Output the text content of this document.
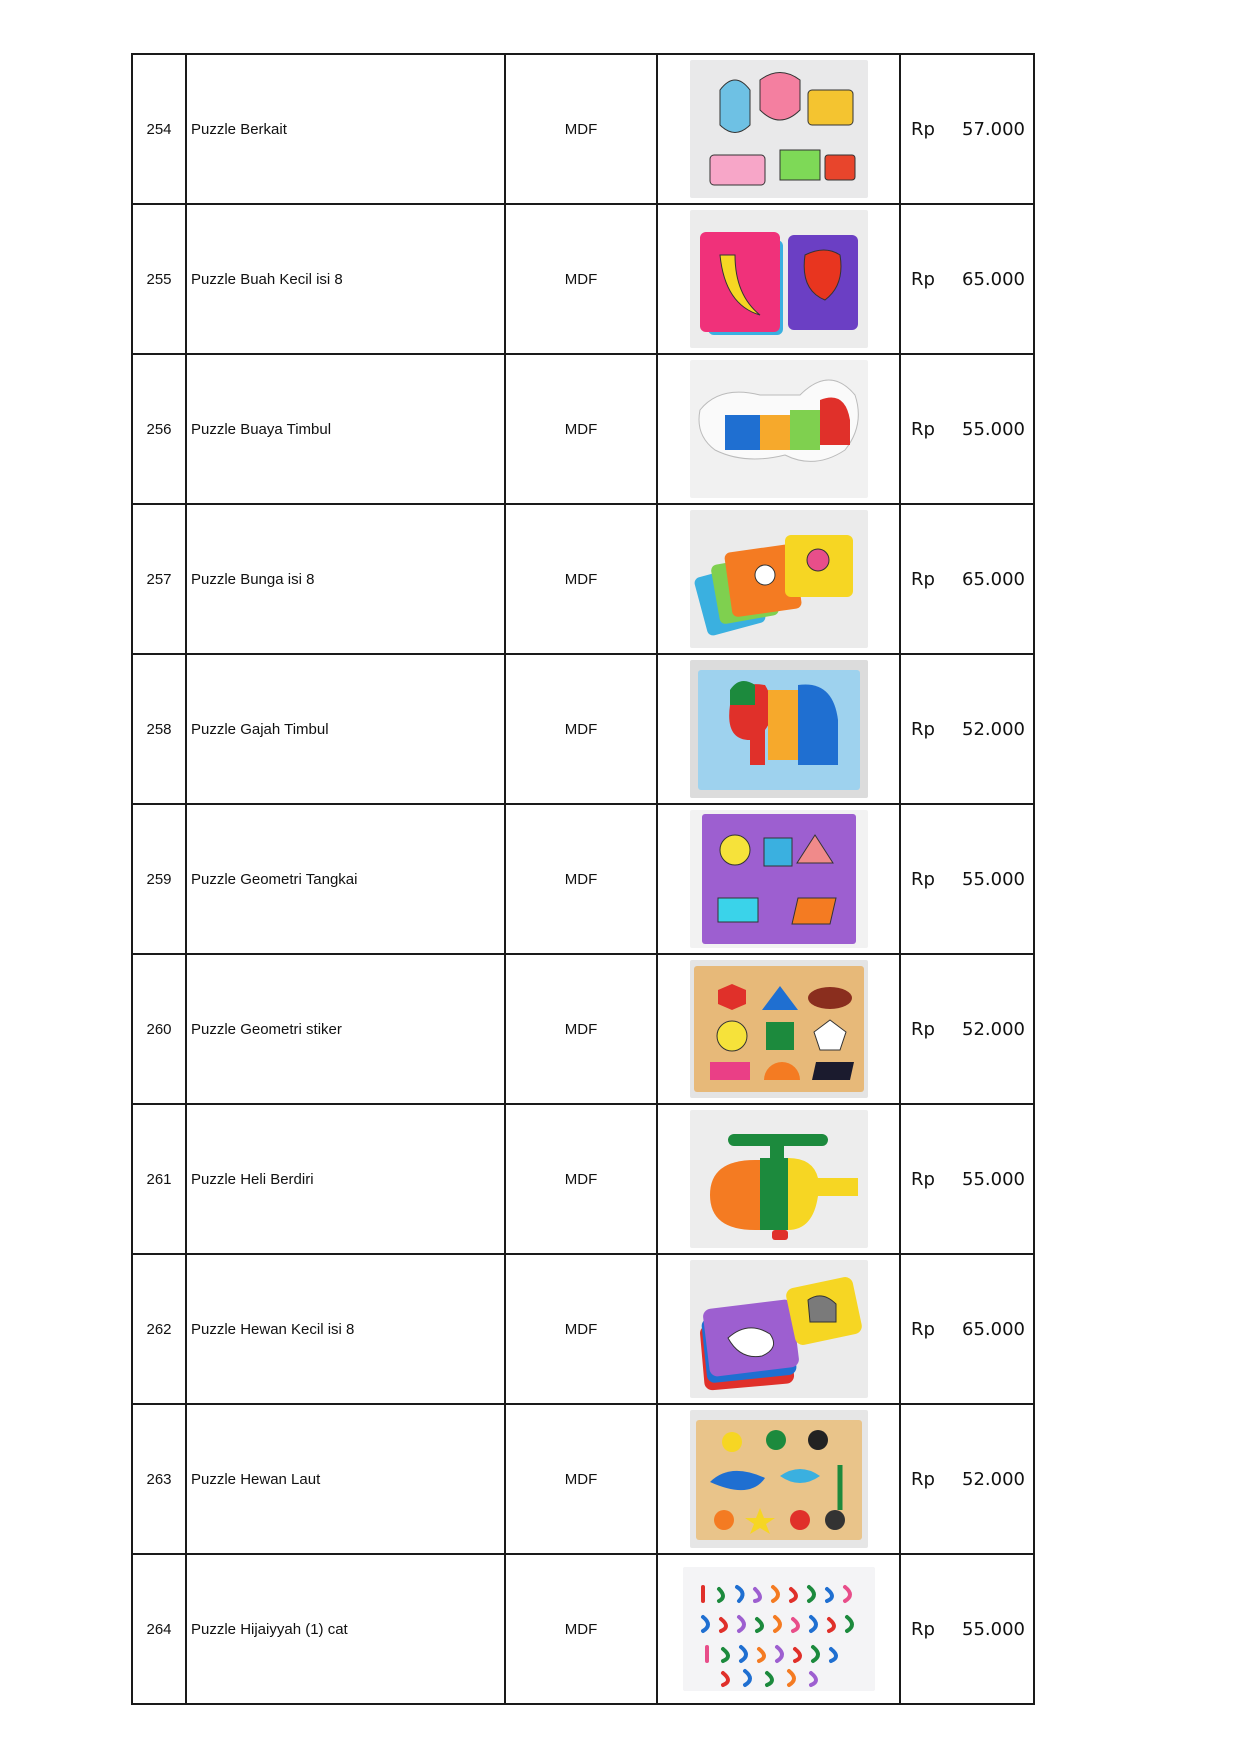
254	Puzzle Berkait	MDF		Rp 57.000

255	Puzzle Buah Kecil isi 8	MDF		Rp 65.000

256	Puzzle Buaya Timbul	MDF		Rp 55.000

257	Puzzle Bunga isi 8	MDF		Rp 65.000

258	Puzzle Gajah Timbul	MDF		Rp 52.000

259	Puzzle Geometri Tangkai	MDF		Rp 55.000

260	Puzzle Geometri stiker	MDF		Rp 52.000

261	Puzzle Heli Berdiri	MDF		Rp 55.000

262	Puzzle Hewan Kecil isi 8	MDF		Rp 65.000

263	Puzzle Hewan Laut	MDF		Rp 52.000

264	Puzzle Hijaiyyah (1) cat	MDF		Rp 55.000
